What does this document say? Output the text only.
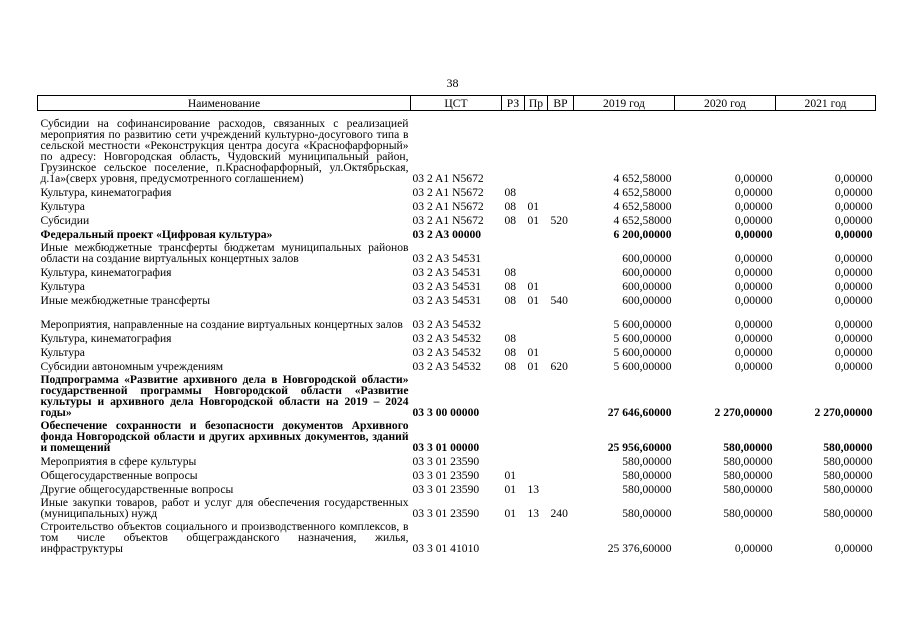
38
Наименование	ЦСТ	РЗ	Пр	ВР	2019 год	2020 год	2021 год
Субсидии на софинансирование расходов, связанных с реализацией мероприятия по развитию сети учреждений культурно-досугового типа в сельской местности «Реконструкция центра досуга «Краснофарфорный» по адресу: Новгородская область, Чудовский муниципальный район, Грузинское сельское поселение, п.Краснофарфорный, ул.Октябрьская, д.1а»(сверх уровня, предусмотренного соглашением)	03 2 A1 N5672				4 652,58000	0,00000	0,00000
Культура, кинематография	03 2 A1 N5672	08			4 652,58000	0,00000	0,00000
Культура	03 2 A1 N5672	08	01		4 652,58000	0,00000	0,00000
Субсидии	03 2 A1 N5672	08	01	520	4 652,58000	0,00000	0,00000
Федеральный проект «Цифровая культура»	03 2 A3 00000				6 200,00000	0,00000	0,00000
Иные межбюджетные трансферты бюджетам муниципальных районов области на создание виртуальных концертных залов	03 2 A3 54531				600,00000	0,00000	0,00000
Культура, кинематография	03 2 A3 54531	08			600,00000	0,00000	0,00000
Культура	03 2 A3 54531	08	01		600,00000	0,00000	0,00000
Иные межбюджетные трансферты	03 2 A3 54531	08	01	540	600,00000	0,00000	0,00000
Мероприятия, направленные на создание виртуальных концертных залов	03 2 A3 54532				5 600,00000	0,00000	0,00000
Культура, кинематография	03 2 A3 54532	08			5 600,00000	0,00000	0,00000
Культура	03 2 A3 54532	08	01		5 600,00000	0,00000	0,00000
Субсидии автономным учреждениям	03 2 A3 54532	08	01	620	5 600,00000	0,00000	0,00000
Подпрограмма «Развитие архивного дела в Новгородской области» государственной программы Новгородской области «Развитие культуры и архивного дела Новгородской области на 2019 – 2024 годы»	03 3 00 00000				27 646,60000	2 270,00000	2 270,00000
Обеспечение сохранности и безопасности документов Архивного фонда Новгородской области и других архивных документов, зданий и помещений	03 3 01 00000				25 956,60000	580,00000	580,00000
Мероприятия в сфере культуры	03 3 01 23590				580,00000	580,00000	580,00000
Общегосударственные вопросы	03 3 01 23590	01			580,00000	580,00000	580,00000
Другие общегосударственные вопросы	03 3 01 23590	01	13		580,00000	580,00000	580,00000
Иные закупки товаров, работ и услуг для обеспечения государственных (муниципальных) нужд	03 3 01 23590	01	13	240	580,00000	580,00000	580,00000
Строительство объектов социального и производственного комплексов, в том числе объектов общегражданского назначения, жилья, инфраструктуры	03 3 01 41010				25 376,60000	0,00000	0,00000
